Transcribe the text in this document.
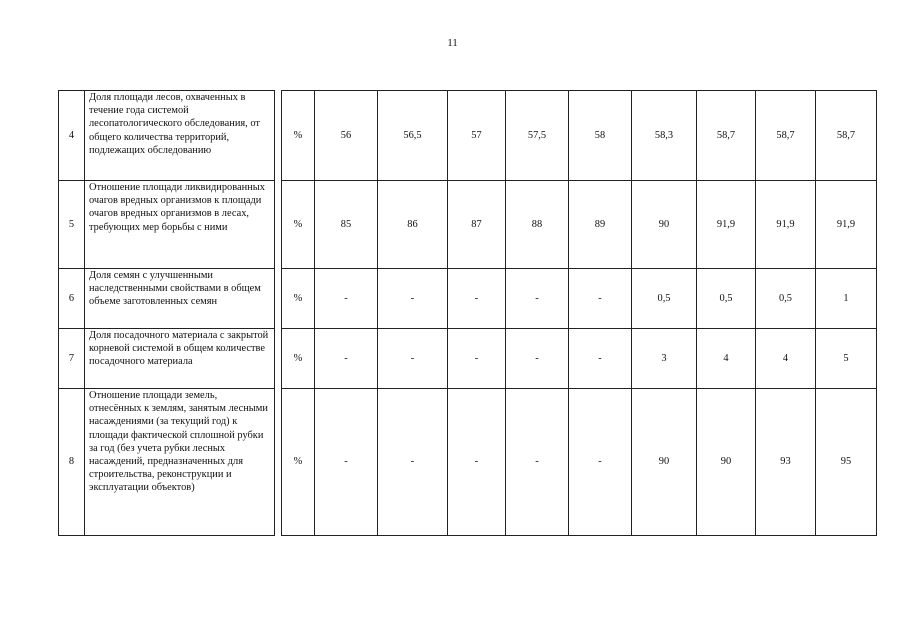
11
4	Доля площади лесов, охваченных в течение года системой лесопатологического обследования, от общего количества территорий, подлежащих обследованию		%	56	56,5	57	57,5	58	58,3	58,7	58,7	58,7
5	Отношение площади ликвидированных очагов вредных организмов к площади очагов вредных организмов в лесах, требующих мер борьбы с ними		%	85	86	87	88	89	90	91,9	91,9	91,9
6	Доля семян с улучшенными наследственными свойствами в общем объеме заготовленных семян		%	-	-	-	-	-	0,5	0,5	0,5	1
7	Доля посадочного материала с закрытой корневой системой в общем количестве посадочного материала		%	-	-	-	-	-	3	4	4	5
8	Отношение площади земель, отнесённых к землям, занятым лесными насаждениями (за текущий год) к площади фактической сплошной рубки за год (без учета рубки лесных насаждений, предназначенных для строительства, реконструкции и эксплуатации объектов)		%	-	-	-	-	-	90	90	93	95
